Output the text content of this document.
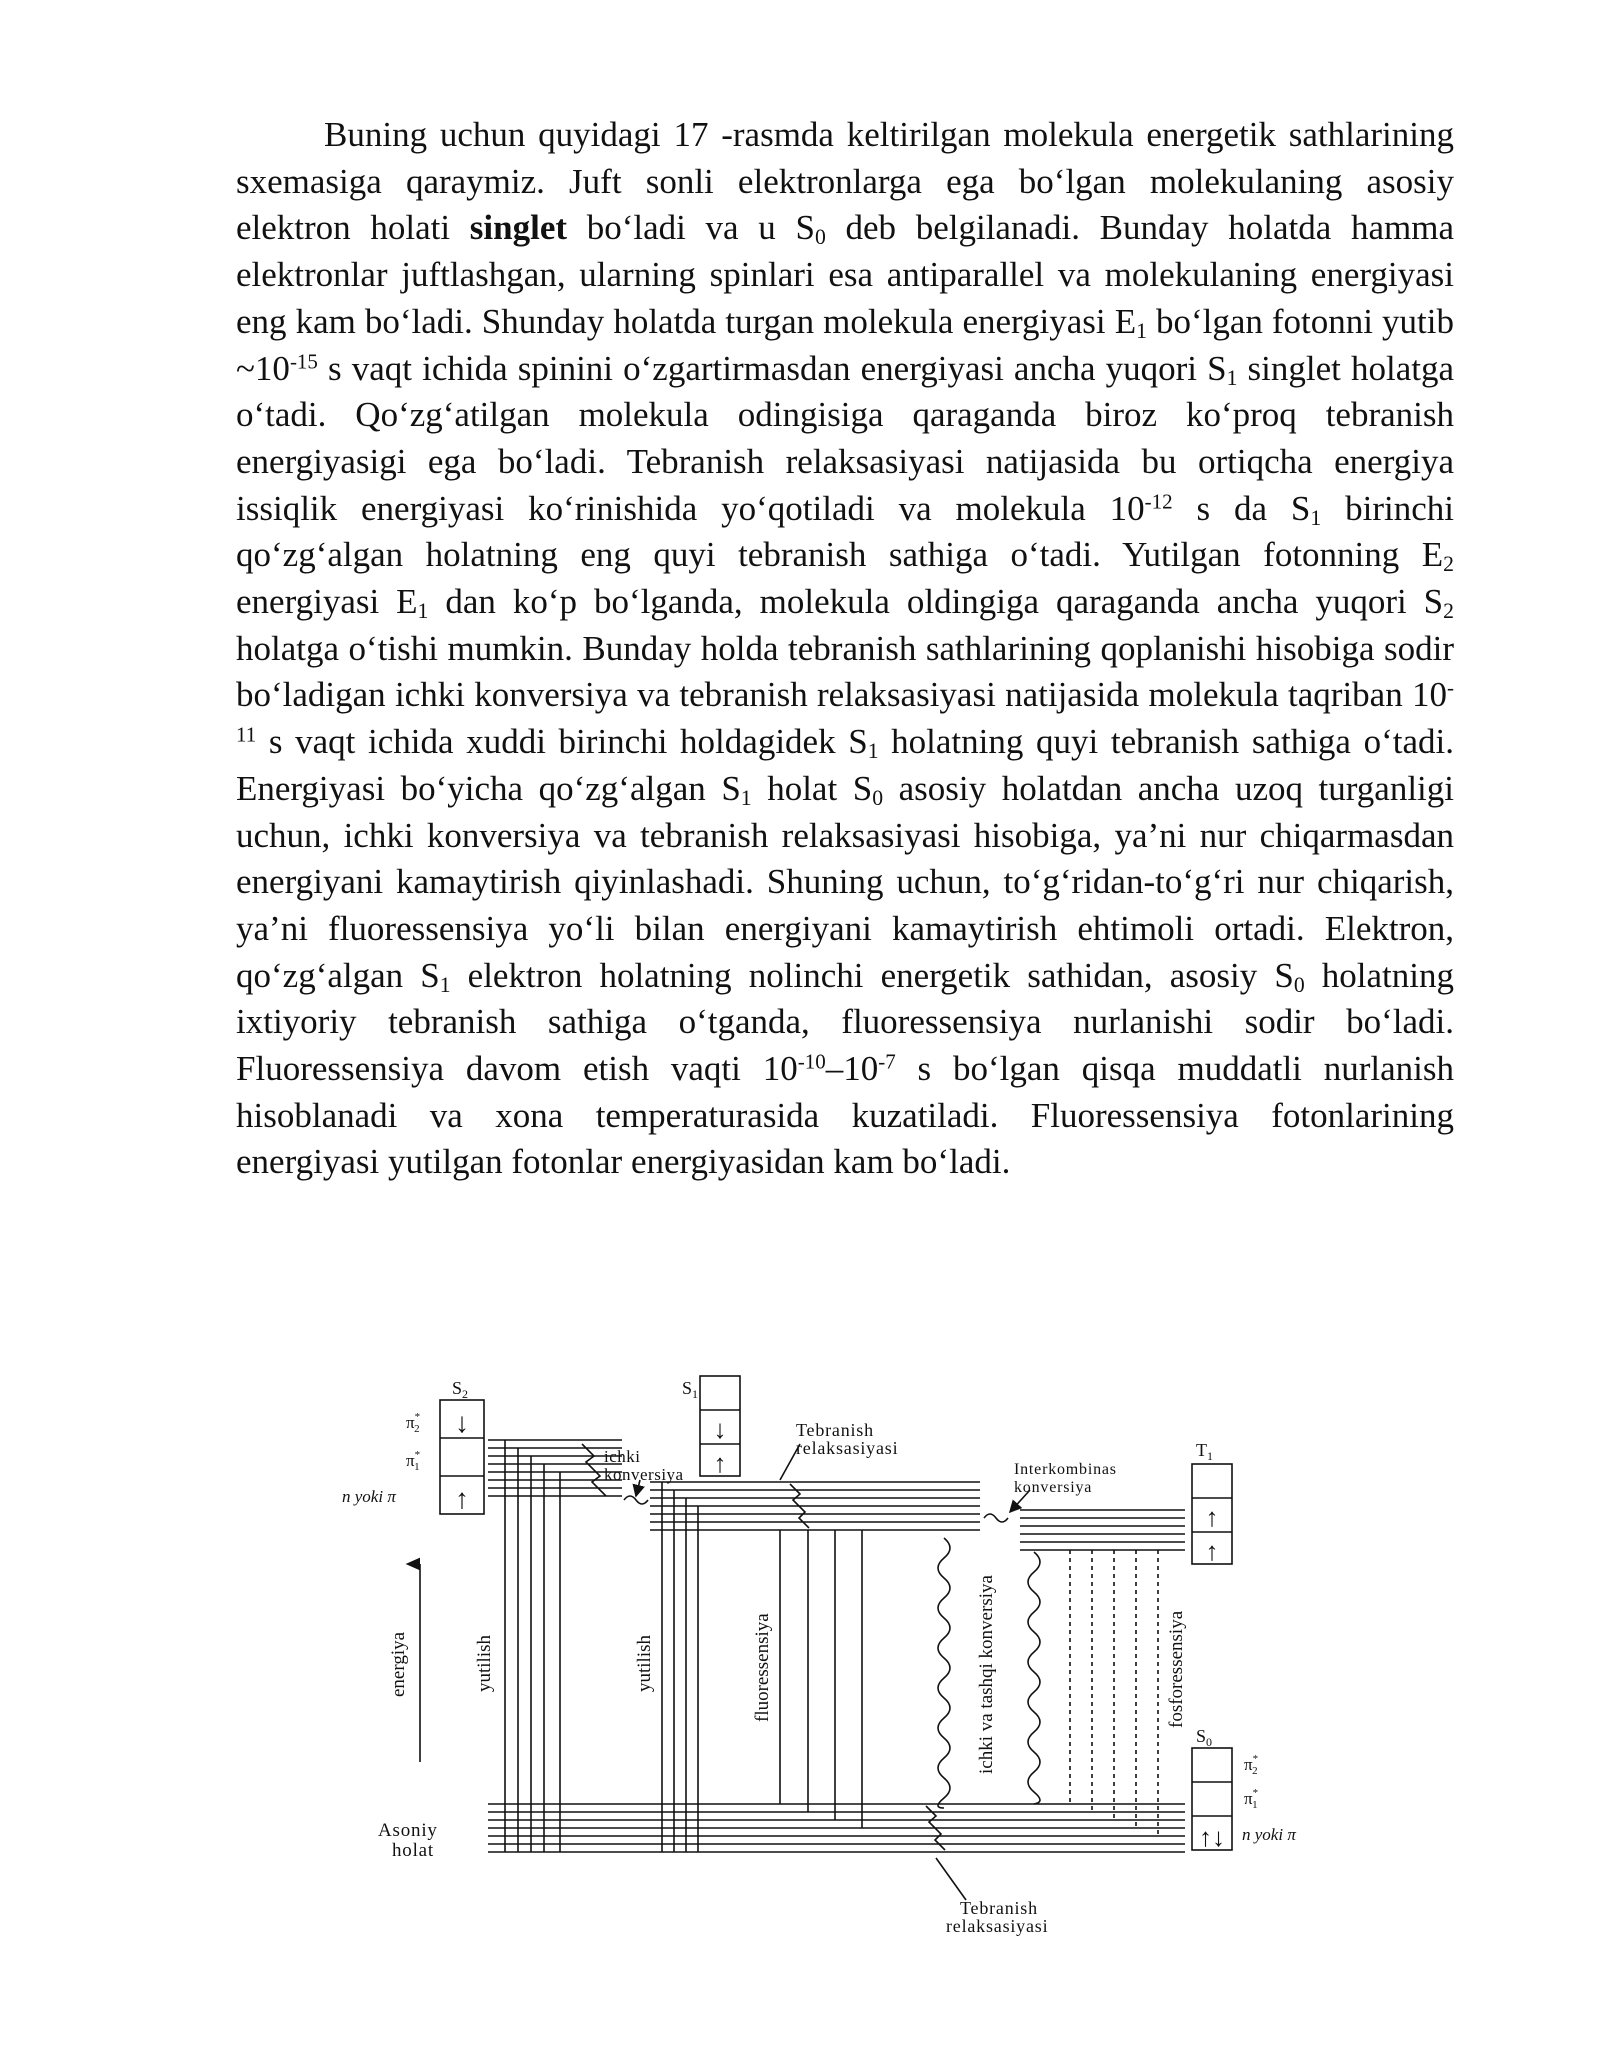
Buning uchun quyidagi 17 -rasmda keltirilgan molekula energetik sathlarining sxemasiga qaraymiz. Juft sonli elektronlarga ega bo‘lgan molekulaning asosiy elektron holati singlet bo‘ladi va u $S_0$ deb belgilanadi. Bunday holatda hamma elektronlar juftlashgan, ularning spinlari esa antiparallel va molekulaning energiyasi eng kam bo‘ladi. Shunday holatda turgan molekula energiyasi $E_1$ bo‘lgan fotonni yutib $\sim 10^{-15}$ s vaqt ichida spinini o‘zgartirmasdan energiyasi ancha yuqori $S_1$ singlet holatga o‘tadi. Qo‘zg‘atilgan molekula odingisiga qaraganda biroz ko‘proq tebranish energiyasigi ega bo‘ladi. Tebranish relaksasiyasi natijasida bu ortiqcha energiya issiqlik energiyasi ko‘rinishida yo‘qotiladi va molekula $10^{-12}$ s da $S_1$ birinchi qo‘zg‘algan holatning eng quyi tebranish sathiga o‘tadi. Yutilgan fotonning $E_2$ energiyasi $E_1$ dan ko‘p bo‘lganda, molekula oldingiga qaraganda ancha yuqori $S_2$ holatga o‘tishi mumkin. Bunday holda tebranish sathlarining qoplanishi hisobiga sodir bo‘ladigan ichki konversiya va tebranish relaksasiyasi natijasida molekula taqriban $10^{-11}$ s vaqt ichida xuddi birinchi holdagidek $S_1$ holatning quyi tebranish sathiga o‘tadi. Energiyasi bo‘yicha qo‘zg‘algan $S_1$ holat $S_0$ asosiy holatdan ancha uzoq turganligi uchun, ichki konversiya va tebranish relaksasiyasi hisobiga, ya’ni nur chiqarmasdan energiyani kamaytirish qiyinlashadi. Shuning uchun, to‘g‘ridan-to‘g‘ri nur chiqarish, ya’ni fluoressensiya yo‘li bilan energiyani kamaytirish ehtimoli ortadi. Elektron, qo‘zg‘algan $S_1$ elektron holatning nolinchi energetik sathidan, asosiy $S_0$ holatning ixtiyoriy tebranish sathiga o‘tganda, fluoressensiya nurlanishi sodir bo‘ladi. Fluoressensiya davom etish vaqti $10^{-10}-10^{-7}$ s bo‘lgan qisqa muddatli nurlanish hisoblanadi va xona temperaturasida kuzatiladi. Fluoressensiya fotonlarining energiyasi yutilgan fotonlar energiyasidan kam bo‘ladi.

↓
↑
↓
↑
↑
↑
↑↓
$S_2$	$S_1$
$T_1$
$S_0$
π* 2
π* 1
n yoki π
π* 2
π* 1
n yoki π
ichki
konversiya
Tebranish
relaksasiyasi
Interkombinas
konversiya
Asoniy
holat
Tebranish
relaksasiyasi
energiya	yutilish	yutilish	fluoressensiya	ichki va tashqi konversiya	fosforessensiya
